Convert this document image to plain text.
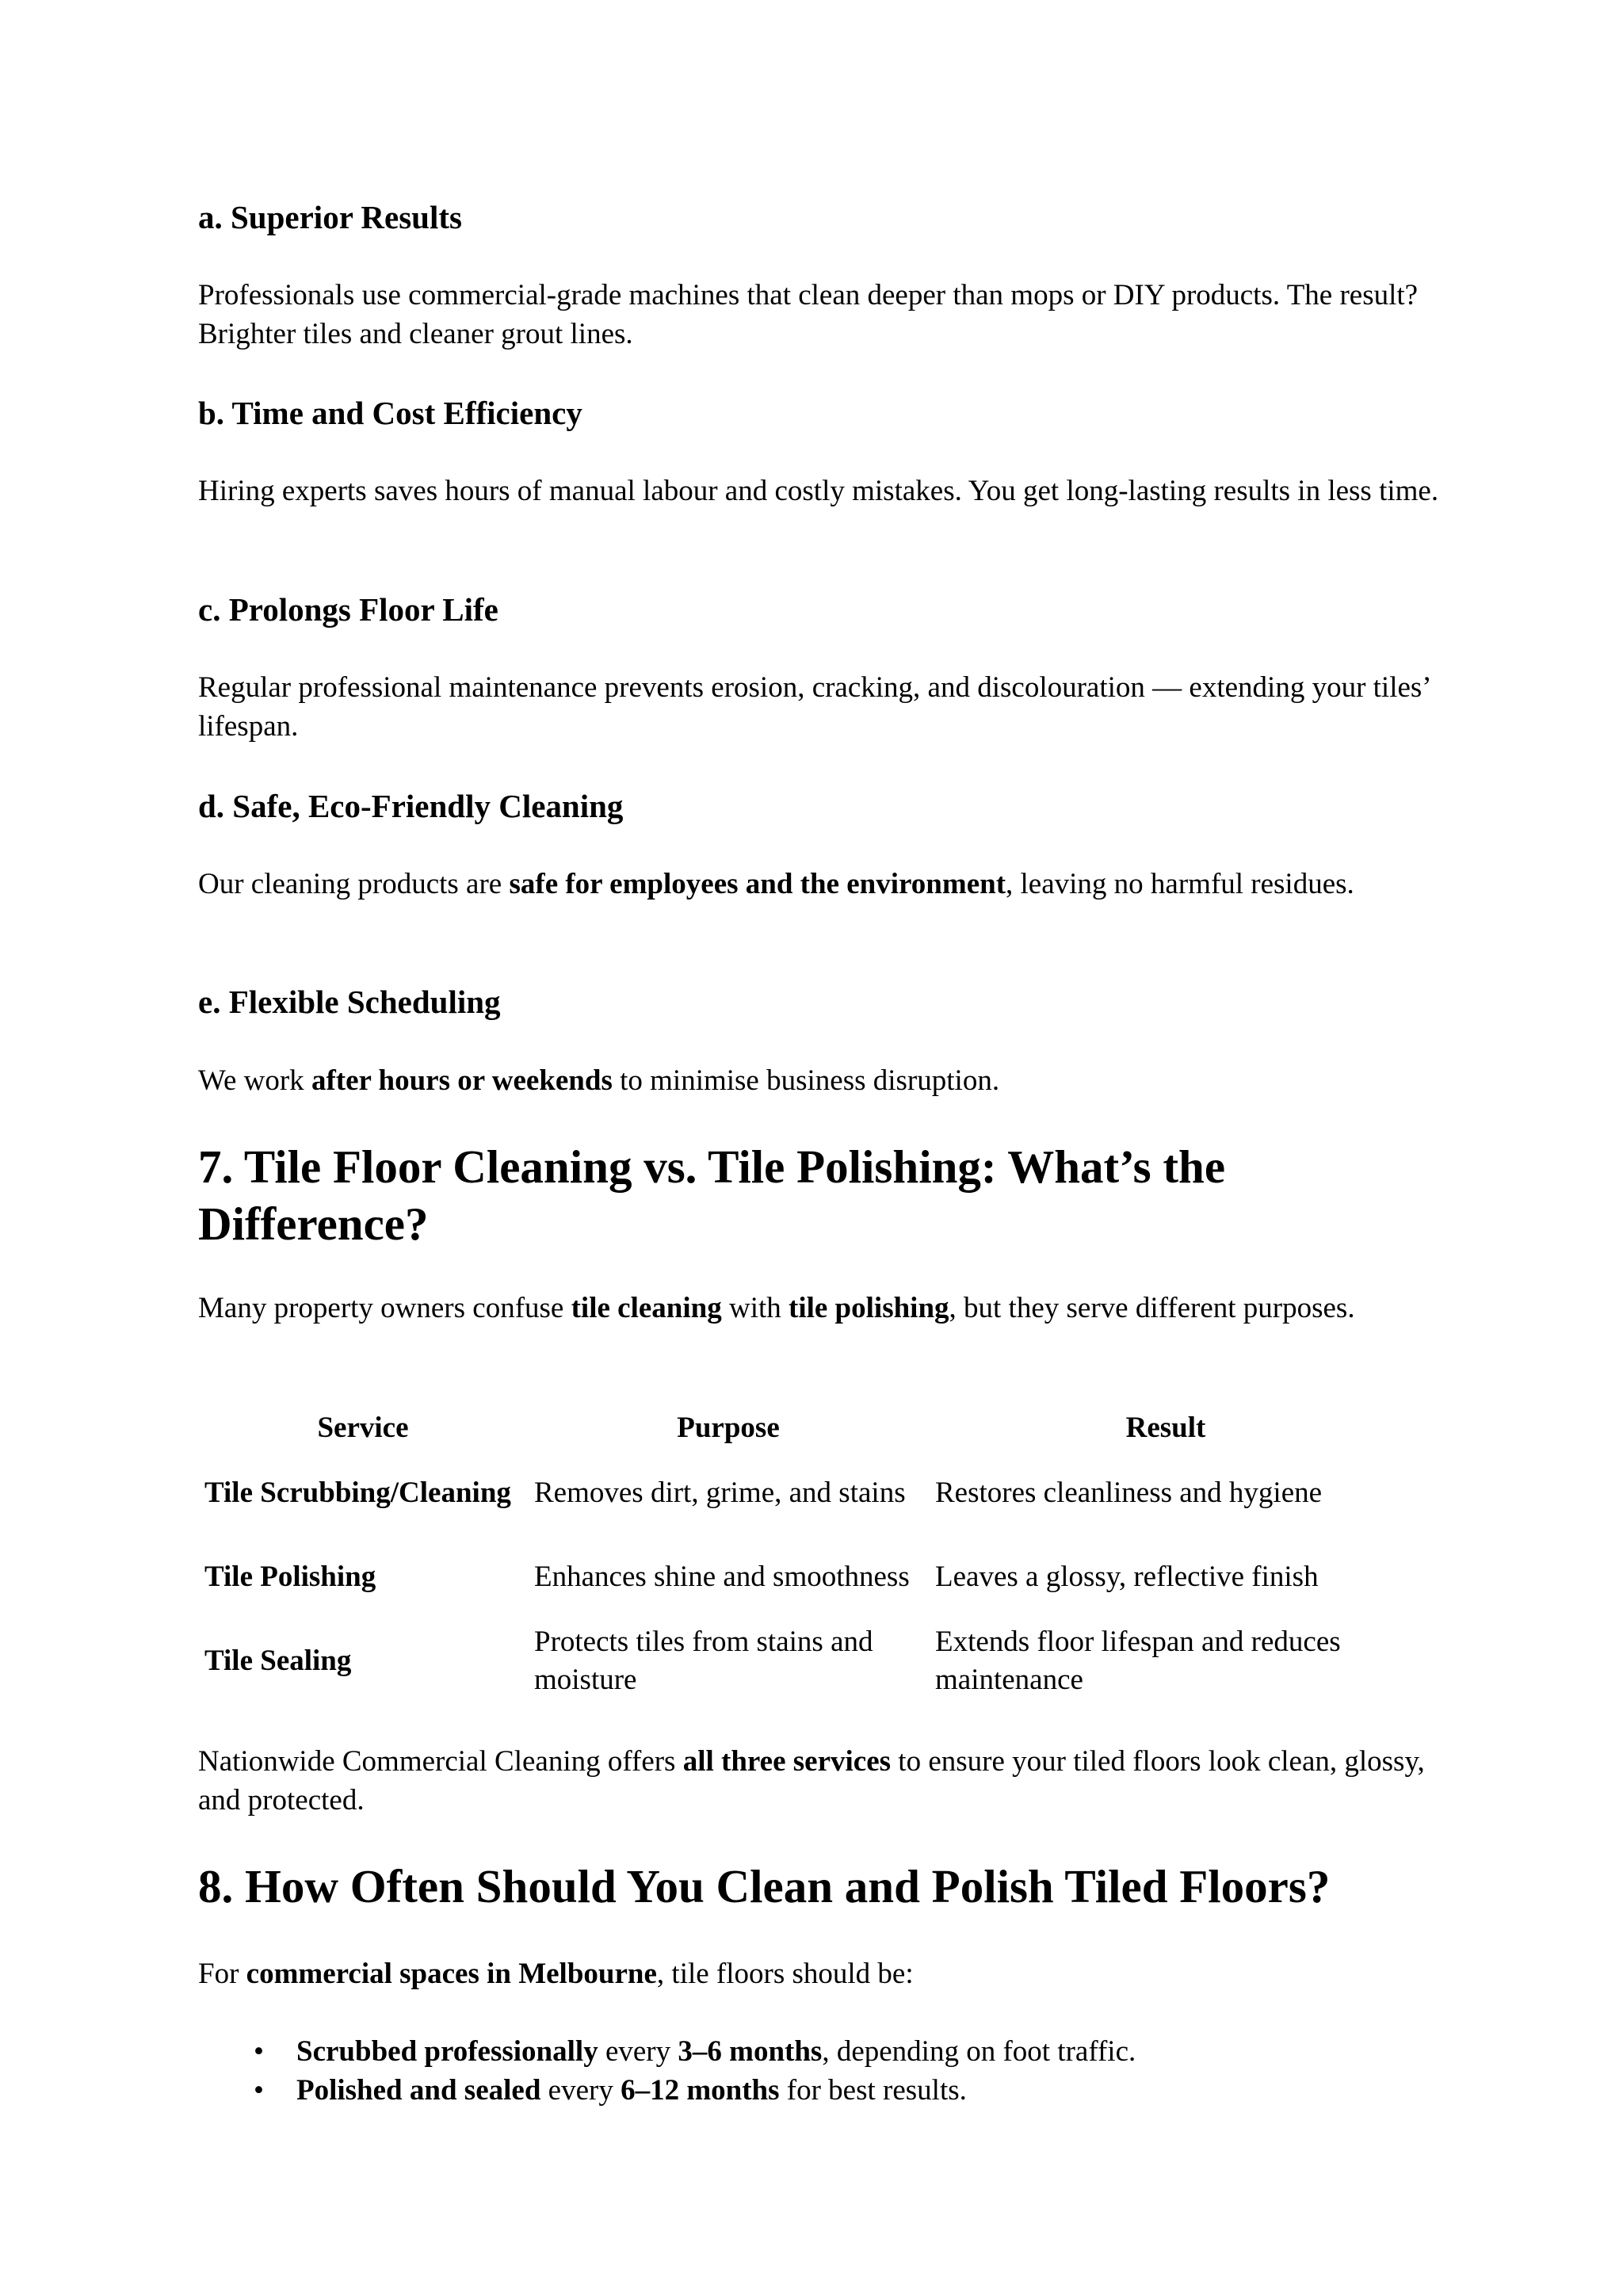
a. Superior Results

Professionals use commercial-grade machines that clean deeper than mops or DIY products. The result? Brighter tiles and cleaner grout lines.

b. Time and Cost Efficiency

Hiring experts saves hours of manual labour and costly mistakes. You get long-lasting results in less time.

c. Prolongs Floor Life

Regular professional maintenance prevents erosion, cracking, and discolouration — extending your tiles’ lifespan.

d. Safe, Eco-Friendly Cleaning

Our cleaning products are safe for employees and the environment, leaving no harmful residues.

e. Flexible Scheduling

We work after hours or weekends to minimise business disruption.

7. Tile Floor Cleaning vs. Tile Polishing: What’s the Difference?

Many property owners confuse tile cleaning with tile polishing, but they serve different purposes.

Service	Purpose	Result
Tile Scrubbing/Cleaning	Removes dirt, grime, and stains	Restores cleanliness and hygiene
Tile Polishing	Enhances shine and smoothness	Leaves a glossy, reflective finish
Tile Sealing	Protects tiles from stains and moisture	Extends floor lifespan and reduces maintenance

Nationwide Commercial Cleaning offers all three services to ensure your tiled floors look clean, glossy, and protected.

8. How Often Should You Clean and Polish Tiled Floors?

For commercial spaces in Melbourne, tile floors should be:

• Scrubbed professionally every 3–6 months, depending on foot traffic.
• Polished and sealed every 6–12 months for best results.
